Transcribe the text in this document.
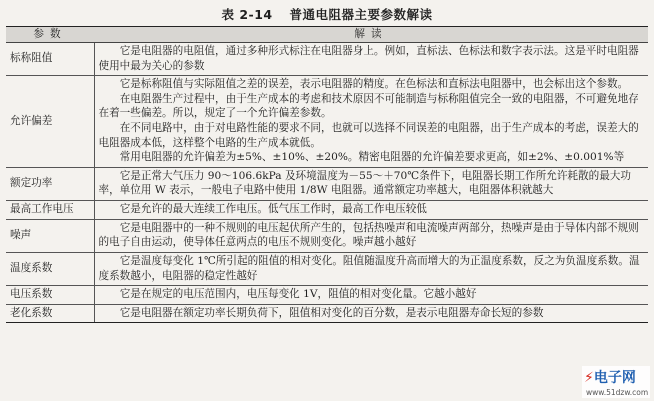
表 2-14 普通电阻器主要参数解读
参数	解读
标称阻值	它是电阻器的电阻值，通过多种形式标注在电阻器身上。例如，直标法、色标法和数字表示法。这是平时电阻器使用中最为关心的参数

允许偏差	它是标称阻值与实际阻值之差的误差，表示电阻器的精度。在色标法和直标法电阻器中，也会标出这个参数。

在电阻器生产过程中，由于生产成本的考虑和技术原因不可能制造与标称阻值完全一致的电阻器，不可避免地存在着一些偏差。所以，规定了一个允许偏差参数。

在不同电路中，由于对电路性能的要求不同，也就可以选择不同误差的电阻器，出于生产成本的考虑，误差大的电阻器成本低，这样整个电路的生产成本就低。

常用电阻器的允许偏差为±5%、±10%、±20%。精密电阻器的允许偏差要求更高，如±2%、±0.001%等

额定功率	它是正常大气压力 90～106.6kPa 及环境温度为－55～＋70℃条件下，电阻器长期工作所允许耗散的最大功率，单位用 W 表示，一般电子电路中使用 1/8W 电阻器。通常额定功率越大，电阻器体积就越大

最高工作电压	它是允许的最大连续工作电压。低气压工作时，最高工作电压较低

噪声	它是电阻器中的一种不规则的电压起伏所产生的，包括热噪声和电流噪声两部分，热噪声是由于导体内部不规则的电子自由运动，使导体任意两点的电压不规则变化。噪声越小越好

温度系数	它是温度每变化 1℃所引起的阻值的相对变化。阻值随温度升高而增大的为正温度系数，反之为负温度系数。温度系数越小，电阻器的稳定性越好

电压系数	它是在规定的电压范围内，电压每变化 1V，阻值的相对变化量。它越小越好

老化系数	它是电阻器在额定功率长期负荷下，阻值相对变化的百分数，是表示电阻器寿命长短的参数

⚡电子网
www.51dzw.com
